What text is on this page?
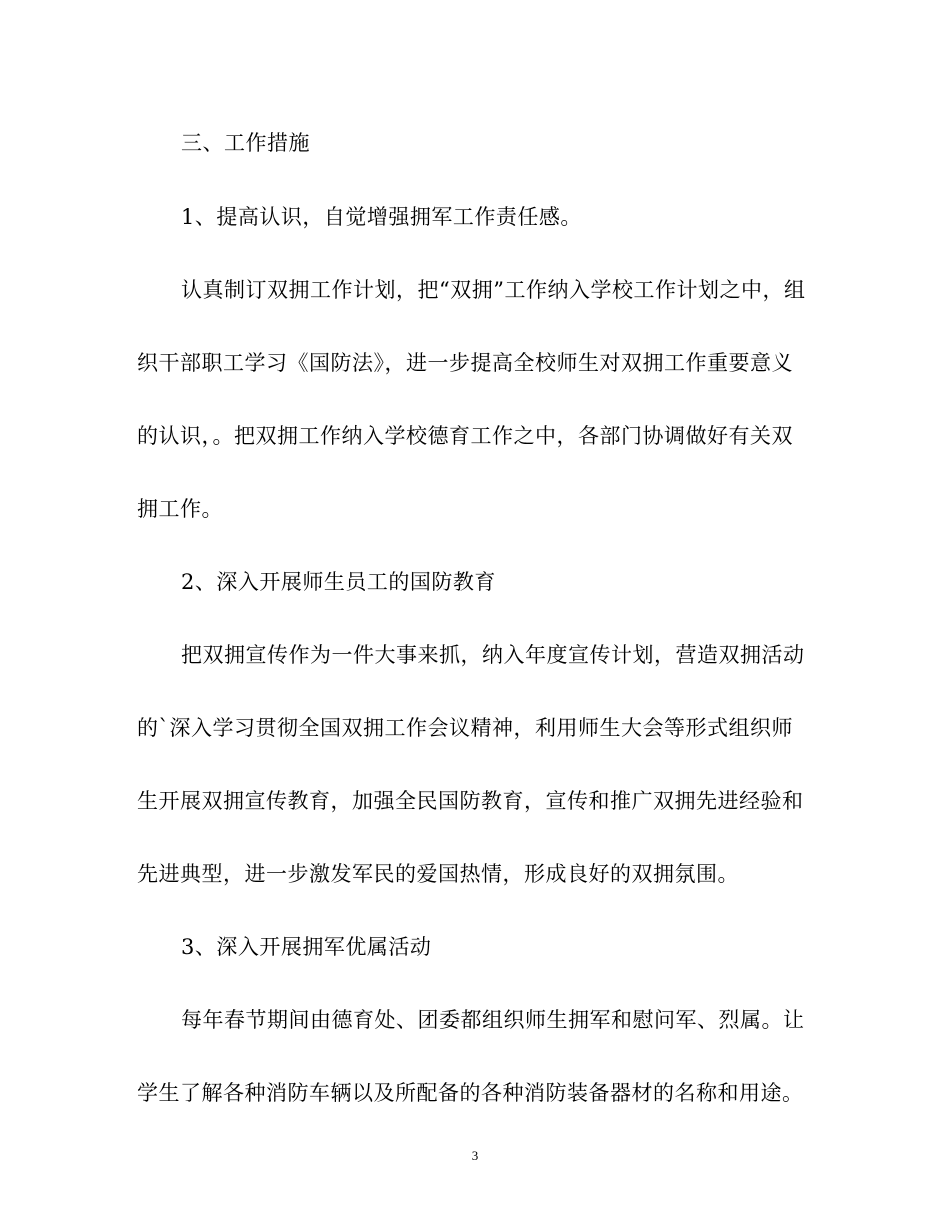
三、工作措施
1、提高认识，自觉增强拥军工作责任感。
认真制订双拥工作计划，把“双拥”工作纳入学校工作计划之中，组
织干部职工学习《国防法》，进一步提高全校师生对双拥工作重要意义
的认识，。把双拥工作纳入学校德育工作之中，各部门协调做好有关双
拥工作。
2、深入开展师生员工的国防教育
把双拥宣传作为一件大事来抓，纳入年度宣传计划，营造双拥活动
的`深入学习贯彻全国双拥工作会议精神，利用师生大会等形式组织师
生开展双拥宣传教育，加强全民国防教育，宣传和推广双拥先进经验和
先进典型，进一步激发军民的爱国热情，形成良好的双拥氛围。
3、深入开展拥军优属活动
每年春节期间由德育处、团委都组织师生拥军和慰问军、烈属。让
学生了解各种消防车辆以及所配备的各种消防装备器材的名称和用途。
3
